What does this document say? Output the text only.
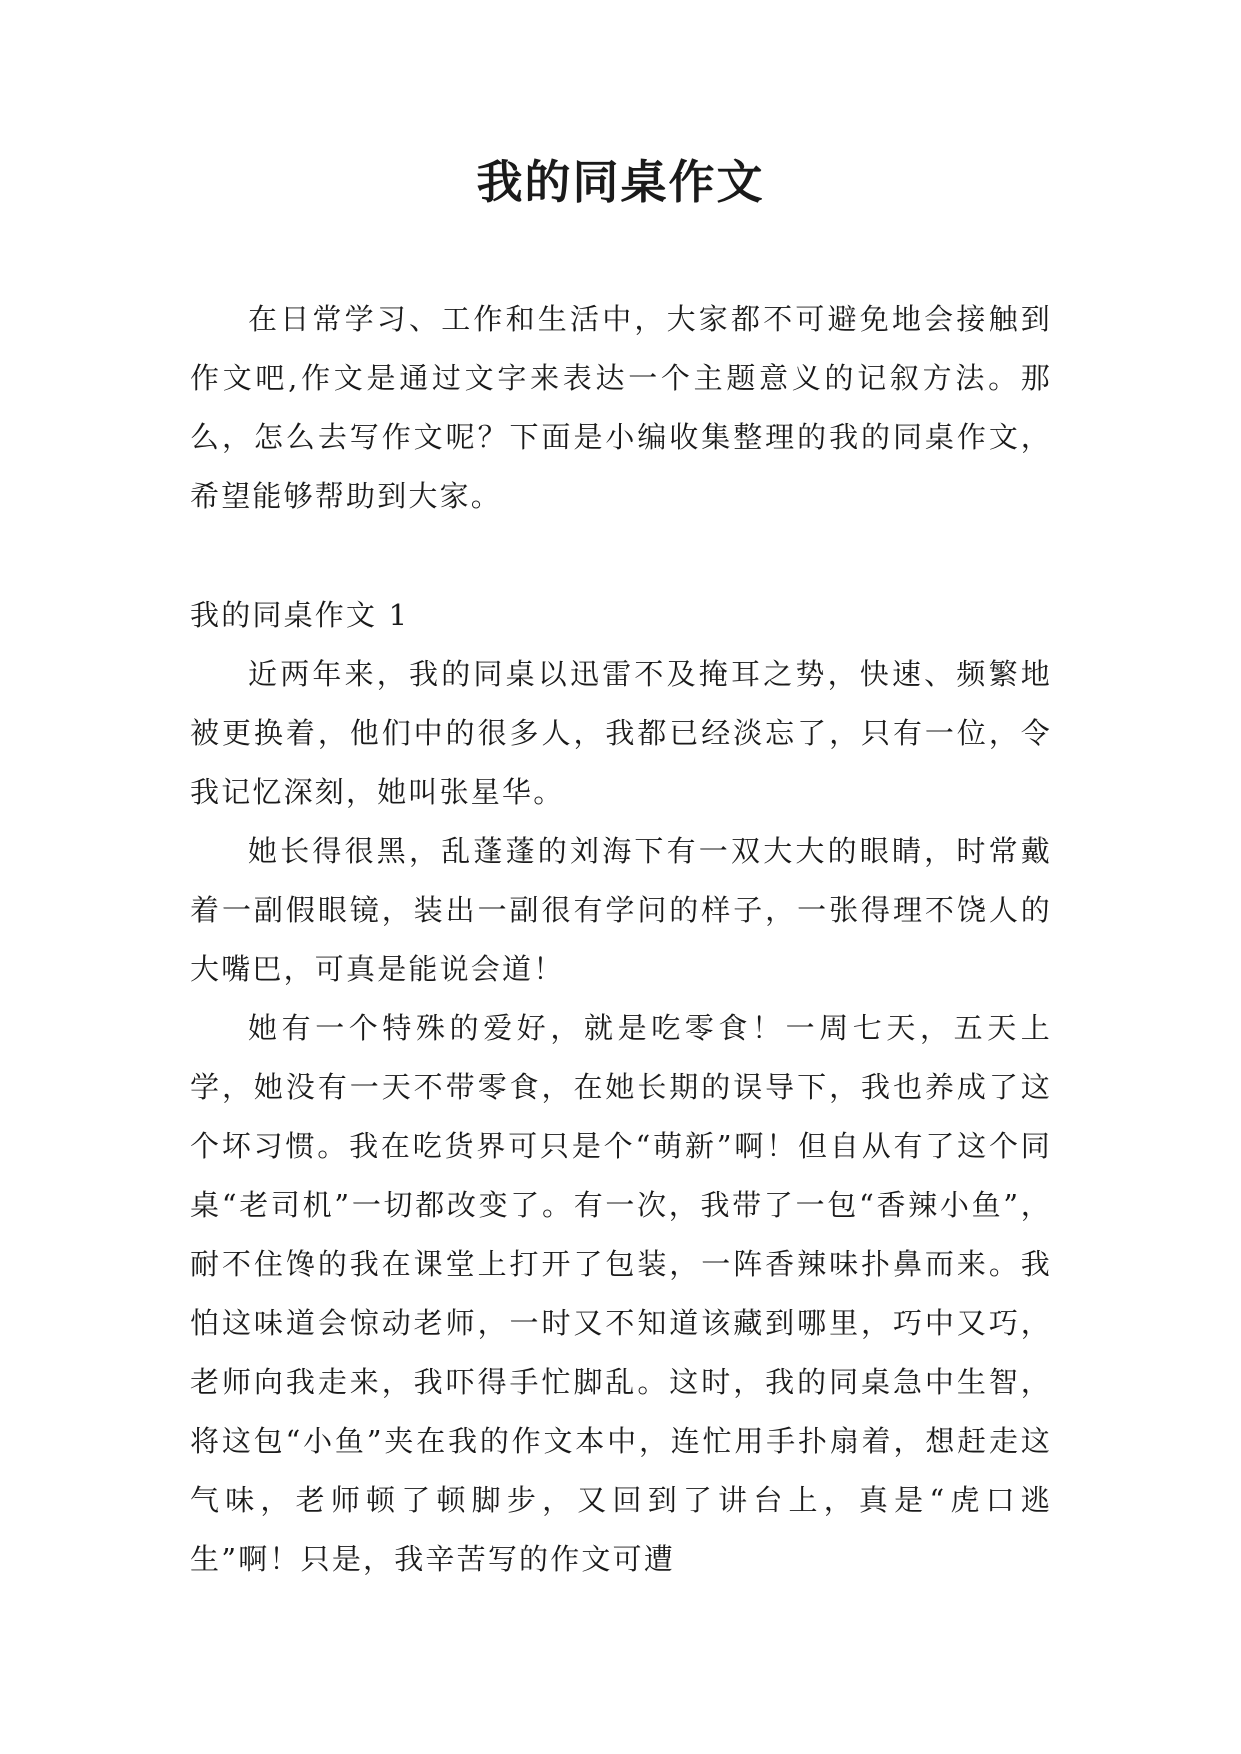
我的同桌作文

在日常学习、工作和生活中，大家都不可避免地会接触到作文吧,作文是通过文字来表达一个主题意义的记叙方法。那么，怎么去写作文呢？下面是小编收集整理的我的同桌作文，希望能够帮助到大家。

我的同桌作文 1

近两年来，我的同桌以迅雷不及掩耳之势，快速、频繁地被更换着，他们中的很多人，我都已经淡忘了，只有一位，令我记忆深刻，她叫张星华。

她长得很黑，乱蓬蓬的刘海下有一双大大的眼睛，时常戴着一副假眼镜，装出一副很有学问的样子，一张得理不饶人的大嘴巴，可真是能说会道！

她有一个特殊的爱好，就是吃零食！一周七天，五天上学，她没有一天不带零食，在她长期的误导下，我也养成了这个坏习惯。我在吃货界可只是个“萌新”啊！但自从有了这个同桌“老司机”一切都改变了。有一次，我带了一包“香辣小鱼”，耐不住馋的我在课堂上打开了包装，一阵香辣味扑鼻而来。我怕这味道会惊动老师，一时又不知道该藏到哪里，巧中又巧，老师向我走来，我吓得手忙脚乱。这时，我的同桌急中生智，将这包“小鱼”夹在我的作文本中，连忙用手扑扇着，想赶走这气味，老师顿了顿脚步，又回到了讲台上，真是“虎口逃生”啊！只是，我辛苦写的作文可遭
